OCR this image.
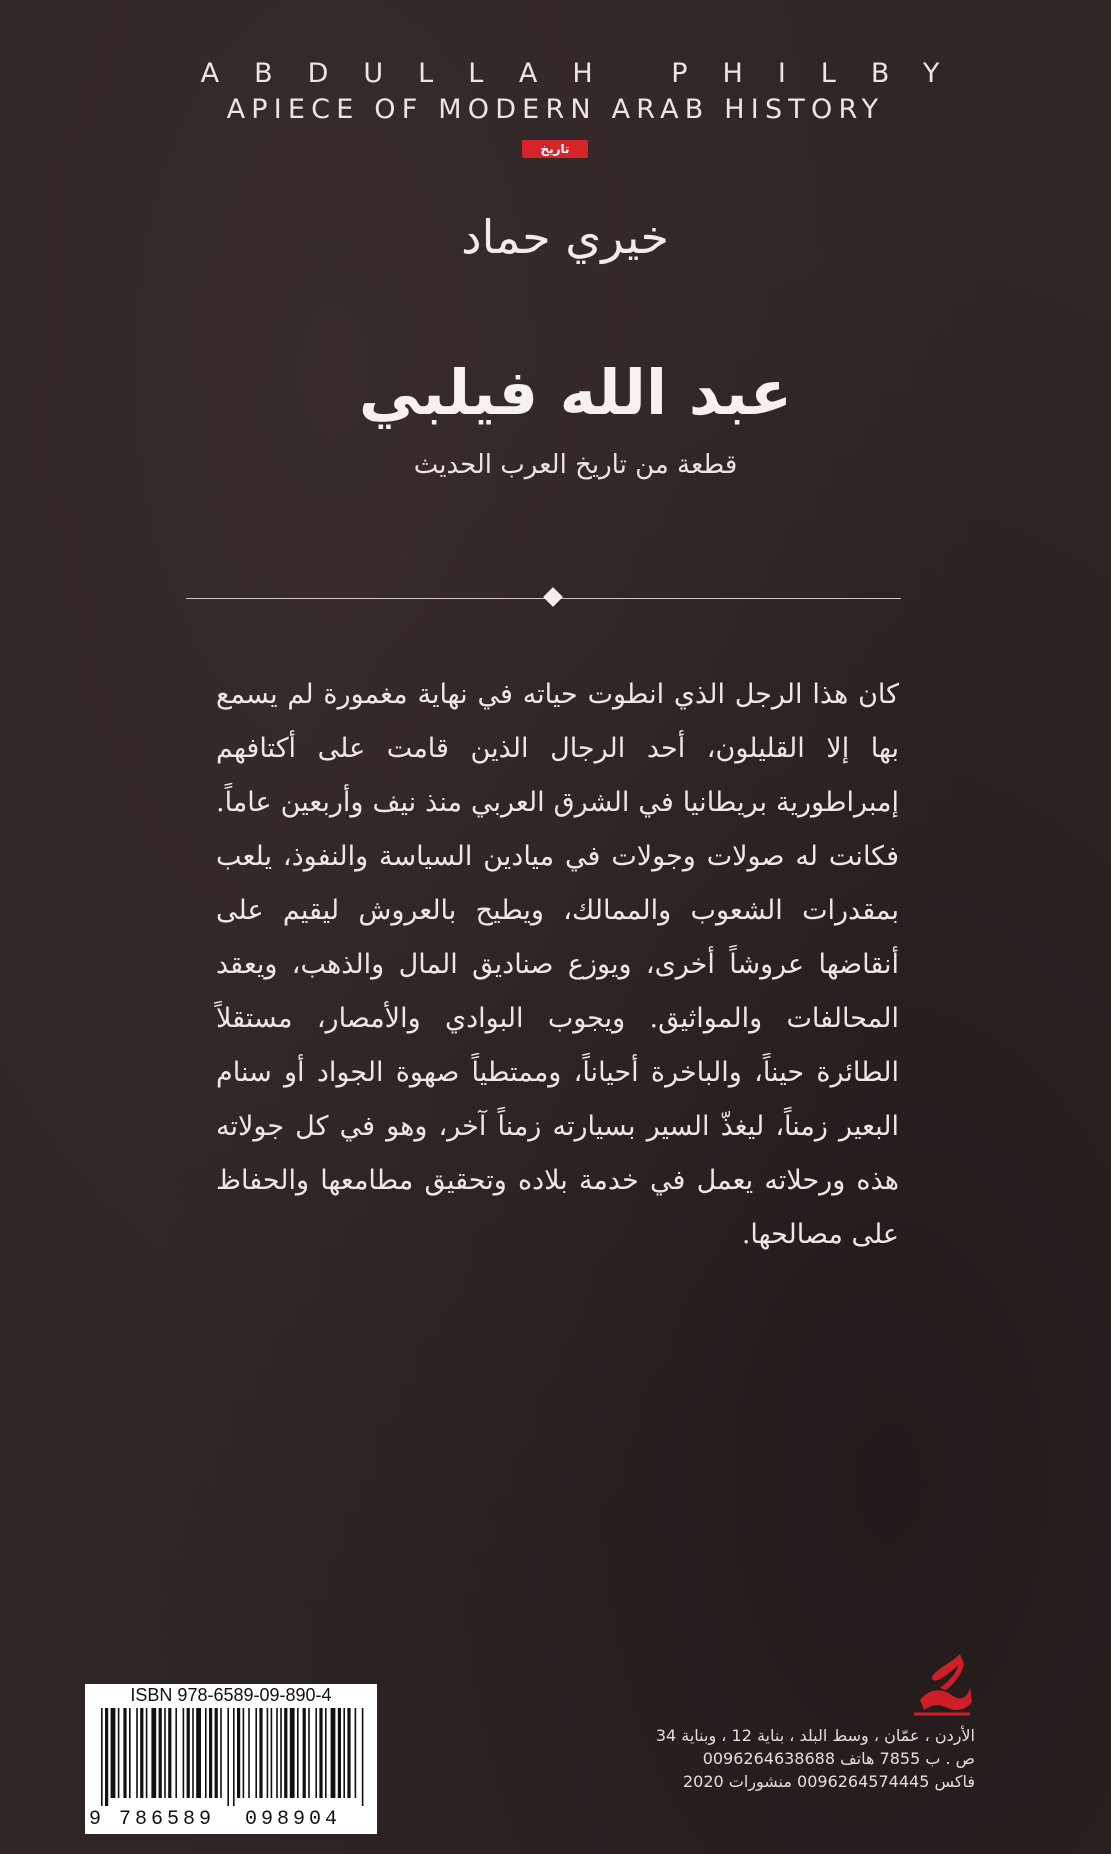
ABDULLAH PHILBY
APIECE OF MODERN ARAB HISTORY
تاريخ
خيري حماد
عبد الله فيلبي
قطعة من تاريخ العرب الحديث

كان هذا الرجل الذي انطوت حياته في نهاية مغمورة لم يسمع بها إلا القليلون، أحد الرجال الذين قامت على أكتافهم إمبراطورية بريطانيا في الشرق العربي منذ نيف وأربعين عاماً. فكانت له صولات وجولات في ميادين السياسة والنفوذ، يلعب بمقدرات الشعوب والممالك، ويطيح بالعروش ليقيم على أنقاضها عروشاً أخرى، ويوزع صناديق المال والذهب، ويعقد المحالفات والمواثيق. ويجوب البوادي والأمصار، مستقلاً الطائرة حيناً، والباخرة أحياناً، وممتطياً صهوة الجواد أو سنام البعير زمناً، ليغذّ السير بسيارته زمناً آخر، وهو في كل جولاته هذه ورحلاته يعمل في خدمة بلاده وتحقيق مطامعها والحفاظ على مصالحها.

الأردن ، عمّان ، وسط البلد ، بناية 12 ، وبناية 34
ص . ب 7855 هاتف 0096264638688
فاكس 0096264574445 منشورات 2020
ISBN 978-6589-09-890-4
9 786589 098904
